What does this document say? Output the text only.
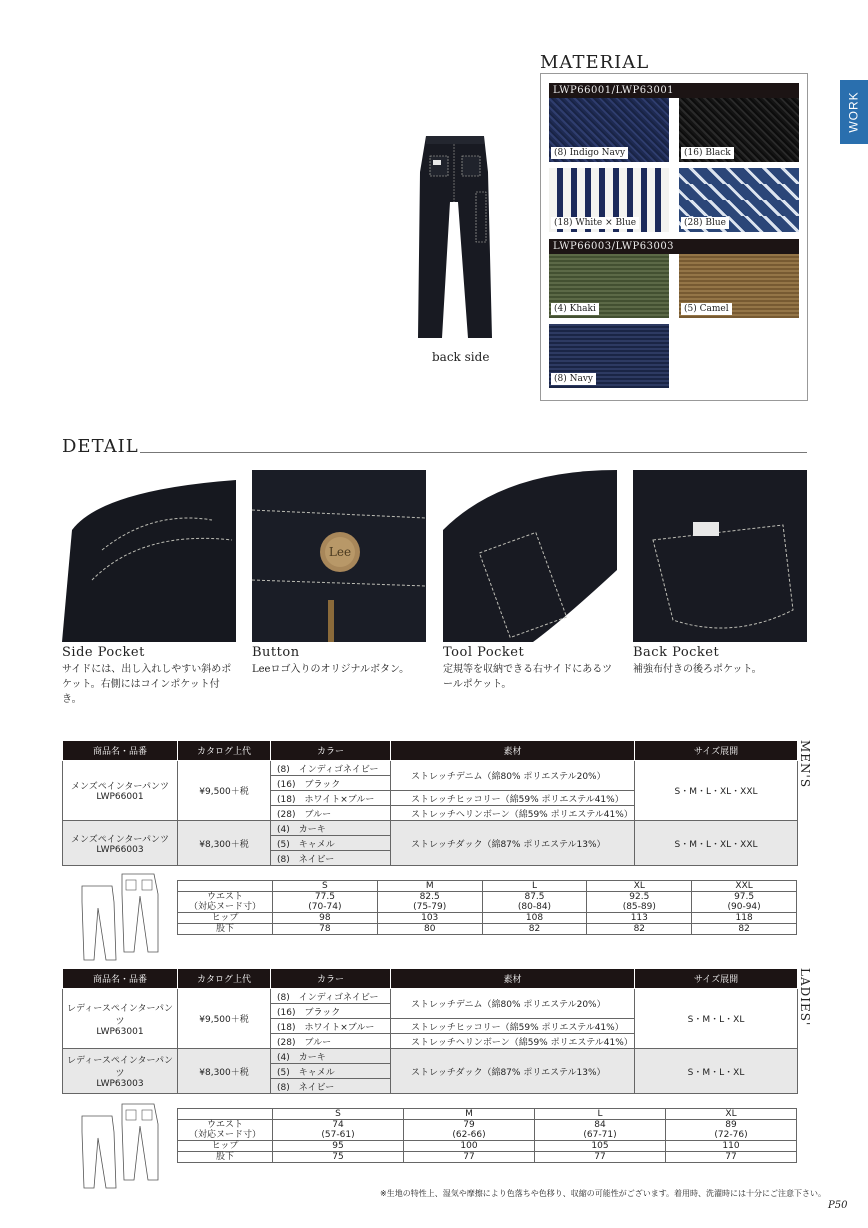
WORK
back side
MATERIAL
LWP66001/LWP63001
(8) Indigo Navy	(16) Black
(18) White × Blue	(28) Blue
LWP66003/LWP63003
(4) Khaki	(5) Camel
(8) Navy
DETAIL
Lee
Side Pocket
サイドには、出し入れしやすい斜めポケット。右側にはコインポケット付き。
Button
Leeロゴ入りのオリジナルボタン。
Tool Pocket
定規等を収納できる右サイドにあるツールポケット。
Back Pocket
補強布付きの後ろポケット。
MEN'S
商品名・品番	カタログ上代	カラー	素材	サイズ展開
メンズペインターパンツ
LWP66001	¥9,500＋税	(8)　インディゴネイビー	ストレッチデニム（綿80% ポリエステル20%）	S・M・L・XL・XXL
		(16)　ブラック		
		(18)　ホワイト×ブルー	ストレッチヒッコリー（綿59% ポリエステル41%）	
		(28)　ブルー	ストレッチヘリンボーン（綿59% ポリエステル41%）	
メンズペインターパンツ
LWP66003	¥8,300＋税	(4)　カーキ	ストレッチダック（綿87% ポリエステル13%）	S・M・L・XL・XXL
		(5)　キャメル		
		(8)　ネイビー		
	S	M	L	XL	XXL
ウエスト	77.5	82.5	87.5	92.5	97.5
（対応ヌード寸）	(70-74)	(75-79)	(80-84)	(85-89)	(90-94)
ヒップ	98	103	108	113	118
股下	78	80	82	82	82
LADIES'
商品名・品番	カタログ上代	カラー	素材	サイズ展開
レディースペインターパンツ
LWP63001	¥9,500＋税	(8)　インディゴネイビー	ストレッチデニム（綿80% ポリエステル20%）	S・M・L・XL
		(16)　ブラック		
		(18)　ホワイト×ブルー	ストレッチヒッコリー（綿59% ポリエステル41%）	
		(28)　ブルー	ストレッチヘリンボーン（綿59% ポリエステル41%）	
レディースペインターパンツ
LWP63003	¥8,300＋税	(4)　カーキ	ストレッチダック（綿87% ポリエステル13%）	S・M・L・XL
		(5)　キャメル		
		(8)　ネイビー		
	S	M	L	XL
ウエスト	74	79	84	89
（対応ヌード寸）	(57-61)	(62-66)	(67-71)	(72-76)
ヒップ	95	100	105	110
股下	75	77	77	77
※生地の特性上、湿気や摩擦により色落ちや色移り、収縮の可能性がございます。着用時、洗濯時には十分にご注意下さい。
P50
